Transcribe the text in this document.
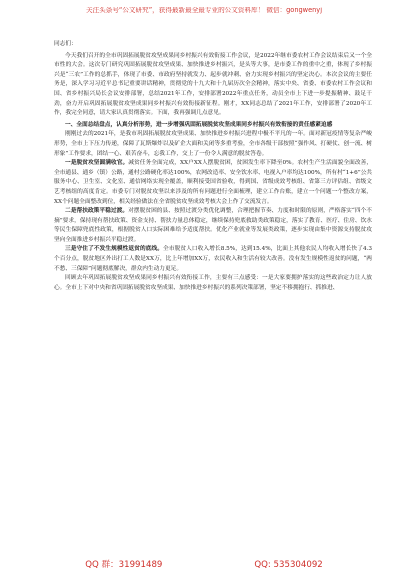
关注头条号“公文研究”，获得最新最全最专业的公文资料库！ 微信：gongwenyj
同志们：
今天我们召开的全市巩固拓展脱贫攻坚成果同乡村振兴有效衔接工作会议，是2022年继市委农村工作会议结束后又一个全市性的大会。这次专门研究巩固拓展脱贫攻坚成果、加快推进乡村振兴，是头等大事，是市委工作的重中之重，体现了乡村振兴是“三农”工作的总抓手，体现了市委、市政府坚持就发力、起步就冲刺、奋力实现乡村振兴的坚定决心。本次会议的主要任务是，深入学习习近平总书记重要讲话精神，贯彻党的十九大和十九届历次全会精神，落实中央、省委、市委农村工作会议和国、省乡村振兴局长会议安排部署，总结2021年工作，安排部署2022年重点任务，动员全市上下进一步提振精神、鼓足干劲，奋力开启巩固拓展脱贫攻坚成果同乡村振兴有效衔接新征程。刚才，XX同志总结了2021年工作，安排部署了2020年工作，我完全同意，请大家认真贯彻落实。下面，我再强调几点意见。
一、全面总结盘点，认真分析形势，进一步增强巩固拓展脱贫攻坚成果同乡村振兴有效衔接的责任感紧迫感
刚刚过去的2021年，是我市巩固拓展脱贫攻坚成果、加快推进乡村振兴进程中极不平凡的一年。面对新冠疫情等复杂严峻形势，全市上下压力传递，保障了瓦斯爆炸以及矿企大面和关闭等多重考验，全市各级干部按照“强作风、打硬仗、创一流、树形象”工作要求，团结一心、艰苦奋斗，忘我工作，交上了一份令人满意的脱贫答卷。
一是脱贫攻坚圆满收官。减贫任务全面完成，XX户XX人摆脱贫困，贫困发生率下降至0%。农村生产生活面貌全面改善，全市通县、通乡（镇）公路，通村公路硬化率达100%，农网改造率、安全饮水率、电视入户率均达100%，所有村“1+6”公共服务中心、卫生室、文化室、通信网络实现全覆盖，顺利接受国省验收，得到国、省级成效考核组、省第三方评估组、省级文艺考核组的高度肯定。市委专门对脱贫攻坚以来涉及的所有问题进行全面梳理，建立工作台账，建立一个问题一个整改方案，XX个问题全面整改到位，相关经验做法在全省脱贫攻坚成效考核大会上作了交流发言。
二是帮扶政策平稳过渡。对摆脱贫困的县、按照过渡分类优化调整，合理把握节奏、力度和时限的原则，严格落实“四个不摘”要求，保持现有帮扶政策、资金支持、帮扶力量总体稳定，继续保持兜底救助类政策稳定，落实了教育、医疗、住房、饮水等民生保障兜底性政策，根据脱贫人口实际困难给予适度帮扶。优化产业就业等发展类政策，逐步实现由集中资源支持脱贫攻坚向全面推进乡村振兴平稳过渡。
三是守住了不发生规模性返贫的底线。全市脱贫人口收入增长8.5%，达到15.4%，比面上其他农民人均收入增长快了4.3个百分点，脱贫地区外出打工人数是XX万，比上年增加XX万，农民收入和生活有较大改善。没有发生规模性返贫的问题，“两不愁、三保障”问题彻底解决，群众内生动力更足。
回顾去年巩固拓展脱贫攻坚成果同乡村振兴有效衔接工作，主要有三点感受：一是大家要拥护落实的这些政治定力让人放心。全市上下对中央和省巩固拓展脱贫攻坚成果、加快推进乡村振兴的系列决策部署，坚定不移拥抱行、抓推进、
QQ 群：31991489	QQ: 535304092
